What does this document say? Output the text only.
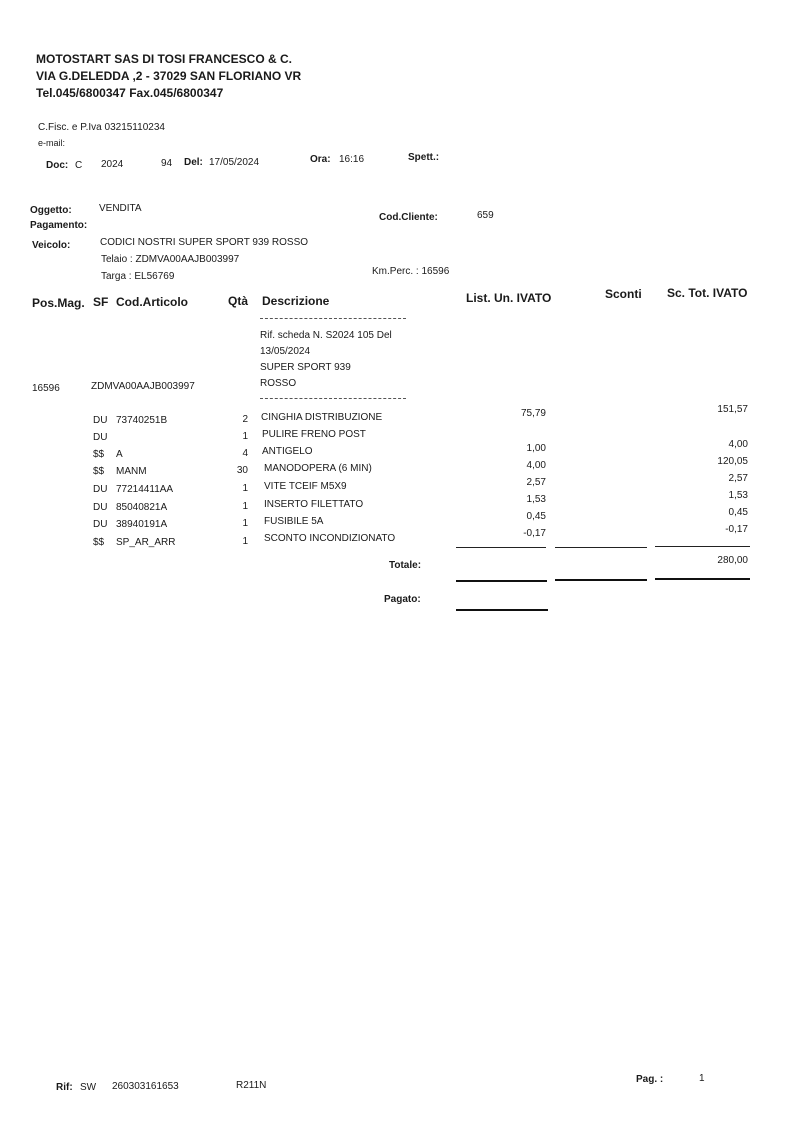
MOTOSTART SAS DI TOSI FRANCESCO & C.
VIA G.DELEDDA ,2 - 37029 SAN FLORIANO VR
Tel.045/6800347 Fax.045/6800347
C.Fisc. e P.Iva 03215110234
e-mail:
Doc: C 2024	94 Del: 17/05/2024	Ora: 16:16	Spett.:
Oggetto:	VENDITA
Pagamento:
Cod.Cliente:	659
Veicolo:	CODICI NOSTRI SUPER SPORT 939 ROSSO
Telaio : ZDMVA00AAJB003997
Targa : EL56769	Km.Perc. : 16596
Pos.Mag. SF Cod.Articolo	Qtà Descrizione	List. Un. IVATO	Sconti Sc. Tot. IVATO
Rif. scheda N. S2024 105 Del
13/05/2024
SUPER SPORT 939
ROSSO
16596	ZDMVA00AAJB003997
DU 73740251B	2 CINGHIA DISTRIBUZIONE	75,79	151,57
DU	1 PULIRE FRENO POST
$$ A	4 ANTIGELO	1,00	4,00
$$ MANM	30 MANODOPERA (6 MIN)	4,00	120,05
DU 77214411AA	1 VITE TCEIF M5X9	2,57	2,57
DU 85040821A	1 INSERTO FILETTATO	1,53	1,53
DU 38940191A	1 FUSIBILE 5A	0,45	0,45
$$ SP_AR_ARR	1 SCONTO INCONDIZIONATO	-0,17	-0,17
Totale:	280,00
Pagato:
Rif: SW 260303161653	R211N
Pag. :	1
